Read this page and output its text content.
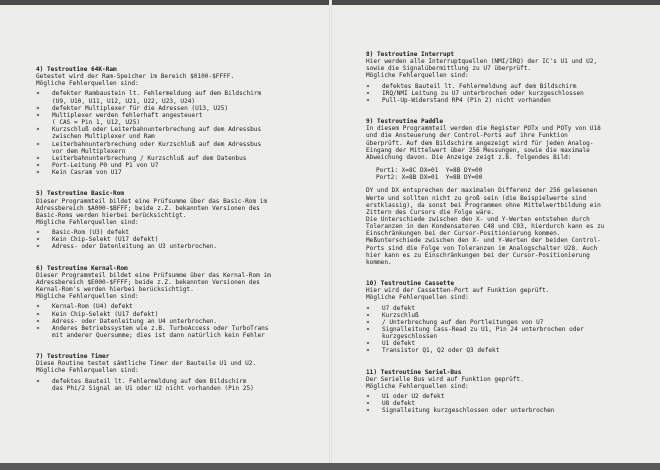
4) Testroutine 64K-Ram
Getestet wird der Ram-Speicher im Bereich $0100-$FFFF.
Mögliche Fehlerquellen sind:
¤	defekter Rambaustein lt. Fehlermeldung auf dem Bildschirm

(U9, U10, U11, U12, U21, U22, U23, U24)
¤	defekter Multiplexer für die Adressen (U13, U25)
¤	Multiplexer werden fehlerhaft angesteuert

( CAS = Pin 1, U12, U25)
¤	Kurzschluß oder Leiterbahnunterbrechung auf dem Adressbus

zwischen Multiplexer und Ram
¤	Leiterbahnunterbrechung oder Kurzschluß auf dem Adressbus

vor dem Multiplexern
¤	Leiterbahnunterbrechung / Kurzschluß auf dem Datenbus
¤	Port-Leitung P0 und P1 von U7
¤	Kein Casram von U17
5) Testroutine Basic-Rom
Dieser Programmteil bildet eine Prüfsumme über das Basic-Rom im
Adressbereich $A000-$BFFF; beide z.Z. bekannten Versionen des
Basic-Roms werden hierbei berücksichtigt.
Mögliche Fehlerquellen sind:
¤	Basic-Rom (U3) defekt
¤	Kein Chip-Selekt (U17 defekt)
¤	Adress- oder Datenleitung an U3 unterbrochen.
6) Testroutine Kernal-Rom
Dieser Programmteil bildet eine Prüfsumme über das Kernal-Rom im
Adressbereich $E000-$FFFF; beide z.Z. bekannten Versionen des
Kernal-Rom's werden hierbei berücksichtigt.
Mögliche Fehlerquellen sind:
¤	Kernal-Rom (U4) defekt
¤	Kein Chip-Selekt (U17 defekt)
¤	Adress- oder Datenleitung an U4 unterbrochen.
¤	Anderes Betriebssystem wie z.B. TurboAccess oder TurboTrans

mit anderer Quersumme; dies ist dann natürlich kein Fehler
7) Testroutine Timer
Diese Routine testet sämtliche Timer der Bauteile U1 und U2.
Mögliche Fehlerquellen sind:
¤	defektes Bauteil lt. Fehlermeldung auf dem Bildschirm

das Phi/2 Signal an U1 oder U2 nicht vorhanden (Pin 25)
8) Testroutine Interrupt
Hier werden alle Interruptquellen (NMI/IRQ) der IC's U1 und U2,
sowie die Signalübermittlung zu U7 überprüft.
Mögliche Fehlerquellen sind:
¤	defektes Bauteil lt. Fehlermeldung auf dem Bildschirm
¤	IRQ/NMI Leitung zu U7 unterbrochen oder kurzgeschlossen
¤	Pull-Up-Widerstand RP4 (Pin 2) nicht vorhanden
9) Testroutine Paddle
In diesem Programmteil werden die Register POTx und POTy von U18
und die Ansteuerung der Control-Ports auf ihre Funktion
überprüft. Auf dem Bildschirm angezeigt wird für jeden Analog-
Eingang der Mittelwert über 256 Messungen, sowie die maximale
Abweichung davon. Die Anzeige zeigt z.B. folgendes Bild:
Port1: X=8C DX=01  Y=8B DY=00
Port2: X=8B DX=01  Y=8B DY=00
DY und DX entsprechen der maximalen Differenz der 256 gelesenen
Werte und sollten nicht zu groß sein (die Beispielwerte sind
erstklassig), da sonst bei Programmen ohne Mittelwertbildung ein
Zittern des Cursors die Folge wäre.
Die Unterschiede zwischen den X- und Y-Werten entstehen durch
Toleranzen in den Kondensatoren C48 und C93, hierdurch kann es zu
Einschränkungen bei der Cursor-Positionierung kommen.
Meßunterschiede zwischen den X- und Y-Werten der beiden Control-
Ports sind die Folge von Toleranzen im Analogschalter U28. Auch
hier kann es zu Einschränkungen bei der Cursor-Positionierung
kommen.
10) Testroutine Cassette
Hier wird der Cassetten-Port auf Funktion geprüft.
Mögliche Fehlerquellen sind:
¤	U7 defekt
¤	Kurzschluß
¤	/ Unterbrechung auf den Portleitungen von U7
¤	Signalleitung Cass-Read zu U1, Pin 24 unterbrochen oder

kurzgeschlossen
¤	U1 defekt
¤	Transistor Q1, Q2 oder Q3 defekt
11) Testroutine Seriel-Bus
Der Serielle Bus wird auf Funktion geprüft.
Mögliche Fehlerquellen sind:
¤	U1 oder U2 defekt
¤	U8 defekt
¤	Signalleitung kurzgeschlossen oder unterbrochen
